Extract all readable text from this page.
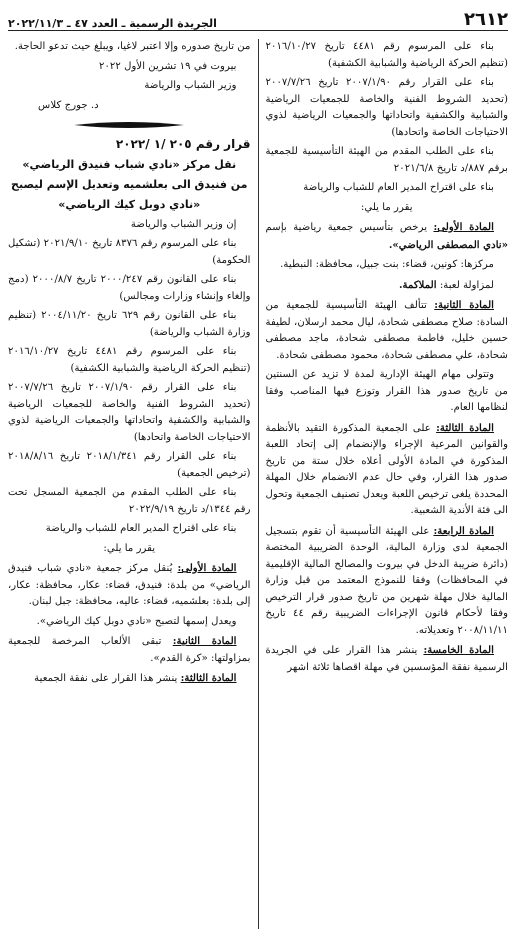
٢٦١٢
الجريدة الرسمية ـ العدد ٤٧ ـ ٢٠٢٢/١١/٣

بناء على المرسوم رقم ٤٤٨١ تاريخ ٢٠١٦/١٠/٢٧ (تنظيم الحركة الرياضية والشبابية الكشفية)

بناء على القرار رقم ٢٠٠٧/١/٩٠ تاريخ ٢٠٠٧/٧/٢٦ (تحديد الشروط الفنية والخاصة للجمعيات الرياضية والشبابية والكشفية واتحاداتها والجمعيات الرياضية لذوي الاحتياجات الخاصة واتحادها)

بناء على الطلب المقدم من الهيئة التأسيسية للجمعية برقم ٨٨٧/د تاريخ ٢٠٢١/٦/٨

بناء على اقتراح المدير العام للشباب والرياضة

يقرر ما يلي:

المادة الأولى: يرخص بتأسيس جمعية رياضية بإسم «نادي المصطفى الرياضي».

مركزها: كونين، قضاء: بنت جبيل، محافظة: النبطية.

لمزاولة لعبة: الملاكمة.

المادة الثانية: تتألف الهيئة التأسيسية للجمعية من السادة: صلاح مصطفى شحادة، ليال محمد ارسلان، لطيفة حسين خليل، فاطمة مصطفى شحادة، ماجد مصطفى شحادة، علي مصطفى شحادة، محمود مصطفى شحادة.

وتتولى مهام الهيئة الإدارية لمدة لا تزيد عن السنتين من تاريخ صدور هذا القرار وتوزع فيها المناصب وفقا لنظامها العام.

المادة الثالثة: على الجمعية المذكورة التقيد بالأنظمة والقوانين المرعية الإجراء والإنضمام إلى إتحاد اللعبة المذكورة في المادة الأولى أعلاه خلال ستة من تاريخ صدور هذا القرار، وفي حال عدم الانضمام خلال المهلة المحددة يلغى ترخيص اللعبة ويعدل تصنيف الجمعية وتحول الى فئة الأندية الشعبية.

المادة الرابعة: على الهيئة التأسيسية أن تقوم بتسجيل الجمعية لدى وزارة المالية، الوحدة الضريبية المختصة (دائرة ضريبة الدخل في بيروت والمصالح المالية الإقليمية في المحافظات) وفقا للنموذج المعتمد من قبل وزارة المالية خلال مهلة شهرين من تاريخ صدور قرار الترخيص وفقا لأحكام قانون الإجراءات الضريبية رقم ٤٤ تاريخ ٢٠٠٨/١١/١١ وتعديلاته.

المادة الخامسة: ينشر هذا القرار على في الجريدة الرسمية نفقة المؤسسين في مهلة اقصاها ثلاثة اشهر

من تاريخ صدوره وإلا اعتبر لاغيا، ويبلغ حيث تدعو الحاجة.

بيروت في ١٩ تشرين الأول ٢٠٢٢

وزير الشباب والرياضة

د. جورج كلاس

قرار رقم ٢٠٥ /١ /٢٠٢٢

نقل مركز «نادي شباب فنيدق الرياضي»

من فنيدق الى بعلشميه وتعديل الإسم ليصبح

«نادي دوبل كيك الرياضي»

إن وزير الشباب والرياضة

بناء على المرسوم رقم ٨٣٧٦ تاريخ ٢٠٢١/٩/١٠ (تشكيل الحكومة)

بناء على القانون رقم ٢٠٠٠/٢٤٧ تاريخ ٢٠٠٠/٨/٧ (دمج وإلغاء وإنشاء وزارات ومجالس)

بناء على القانون رقم ٦٢٩ تاريخ ٢٠٠٤/١١/٢٠ (تنظيم وزارة الشباب والرياضة)

بناء على المرسوم رقم ٤٤٨١ تاريخ ٢٠١٦/١٠/٢٧ (تنظيم الحركة الرياضية والشبابية الكشفية)

بناء على القرار رقم ٢٠٠٧/١/٩٠ تاريخ ٢٠٠٧/٧/٢٦ (تحديد الشروط الفنية والخاصة للجمعيات الرياضية والشبابية والكشفية واتحاداتها والجمعيات الرياضية لذوي الاحتياجات الخاصة واتحادها)

بناء على القرار رقم ٢٠١٨/١/٣٤١ تاريخ ٢٠١٨/٨/١٦ (ترخيص الجمعية)

بناء على الطلب المقدم من الجمعية المسجل تحت رقم ١٣٤٤/د تاريخ ٢٠٢٢/٩/١٩

بناء على اقتراح المدير العام للشباب والرياضة

يقرر ما يلي:

المادة الأولى: يُنقل مركز جمعية «نادي شباب فنيدق الرياضي» من بلدة: فنيدق، قضاء: عكار، محافظة: عكار، إلى بلدة: بعلشميه، قضاء: عاليه، محافظة: جبل لبنان.

ويعدل إسمها لتصبح «نادي دوبل كيك الرياضي».

المادة الثانية: تبقى الألعاب المرخصة للجمعية بمزاولتها: «كرة القدم».

المادة الثالثة: ينشر هذا القرار على نفقة الجمعية
